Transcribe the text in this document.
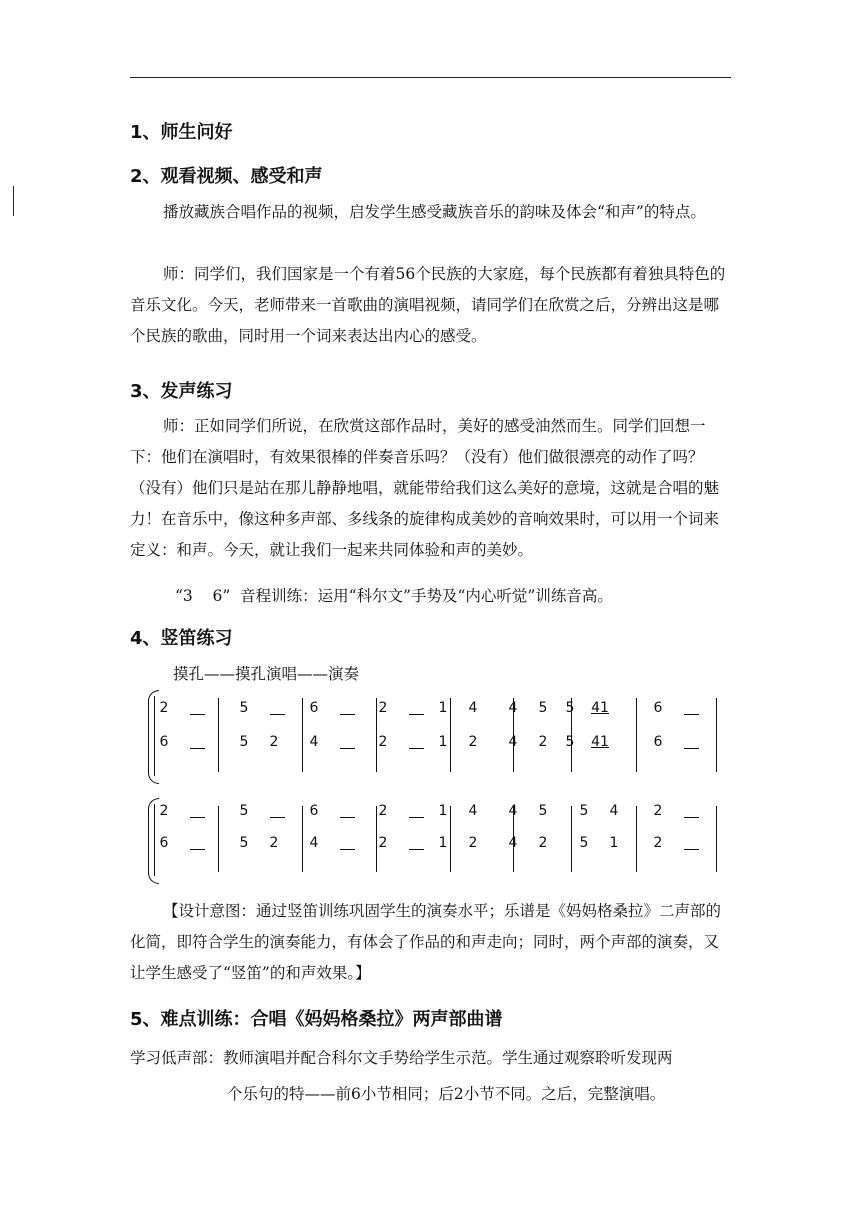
1、师生问好
2、观看视频、感受和声

播放藏族合唱作品的视频，启发学生感受藏族音乐的韵味及体会“和声”的特点。

师：同学们，我们国家是一个有着56个民族的大家庭，每个民族都有着独具特色的音乐文化。今天，老师带来一首歌曲的演唱视频，请同学们在欣赏之后，分辨出这是哪个民族的歌曲，同时用一个词来表达出内心的感受。

3、发声练习

师：正如同学们所说，在欣赏这部作品时，美好的感受油然而生。同学们回想一下：他们在演唱时，有效果很棒的伴奏音乐吗？（没有）他们做很漂亮的动作了吗？（没有）他们只是站在那儿静静地唱，就能带给我们这么美好的意境，这就是合唱的魅力！在音乐中，像这种多声部、多线条的旋律构成美妙的音响效果时，可以用一个词来定义：和声。今天，就让我们一起来共同体验和声的美妙。

“3    6”  音程训练：运用“科尔文”手势及“内心听觉”训练音高。
4、竖笛练习
摸孔——摸孔演唱——演奏
2	5	6	2	1 4 4 5 5 41	6
6	5 2 4	2	1 2 4 2 5 41	6
2	5	6	2	1 4 4 5 5 4	2
6	5 2 4	2	1 2 4 2 5 1	2

【设计意图：通过竖笛训练巩固学生的演奏水平；乐谱是《妈妈格桑拉》二声部的化简，即符合学生的演奏能力，有体会了作品的和声走向；同时，两个声部的演奏，又让学生感受了“竖笛”的和声效果。】

5、难点训练：合唱《妈妈格桑拉》两声部曲谱
学习低声部：教师演唱并配合科尔文手势给学生示范。学生通过观察聆听发现两
个乐句的特——前6小节相同；后2小节不同。之后，完整演唱。
